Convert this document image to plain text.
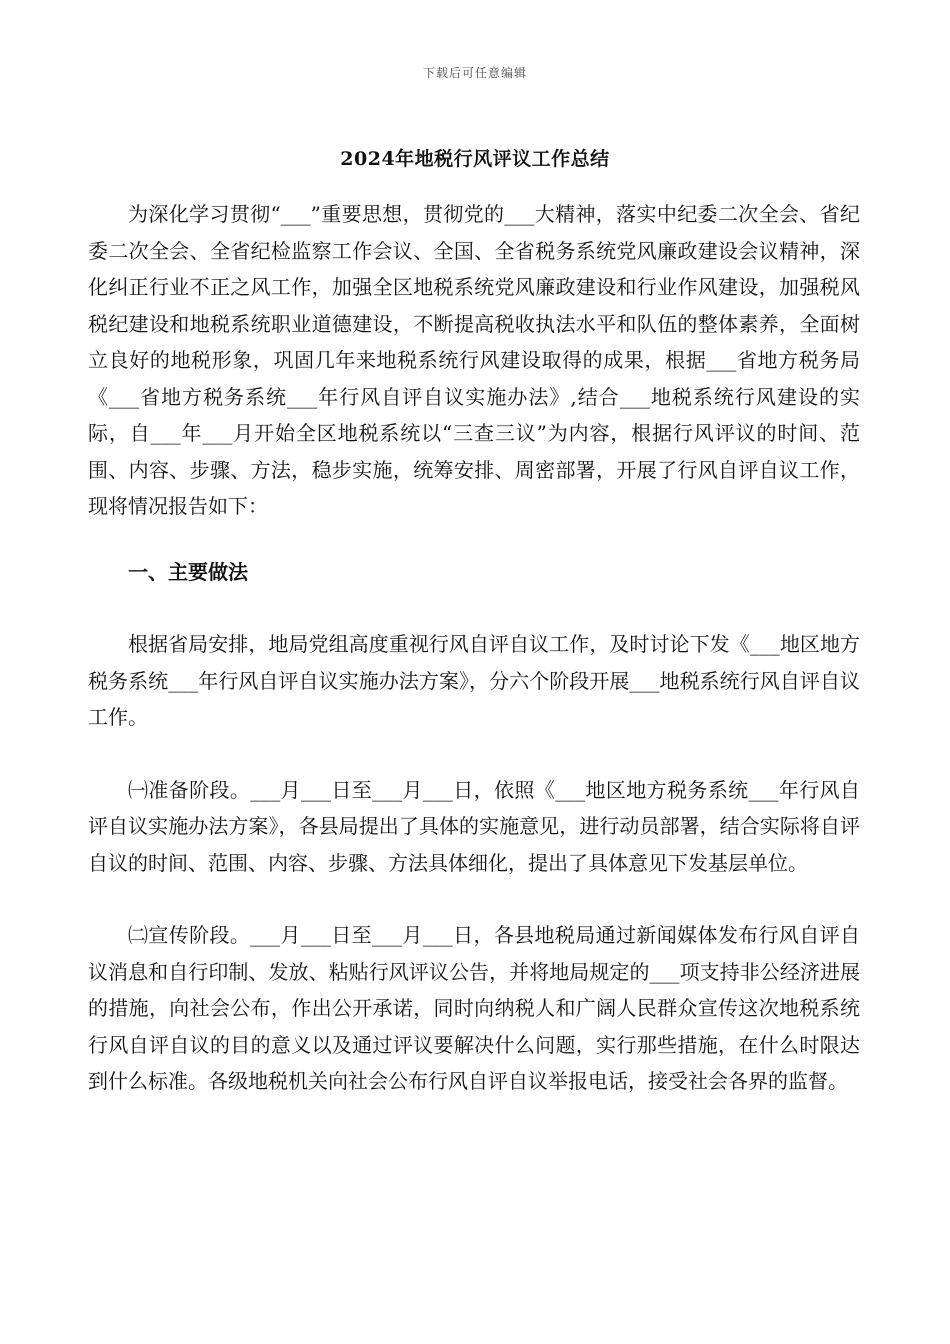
下载后可任意编辑
2024年地税行风评议工作总结

为深化学习贯彻“___”重要思想，贯彻党的___大精神，落实中纪委二次全会、省纪委二次全会、全省纪检监察工作会议、全国、全省税务系统党风廉政建设会议精神，深化纠正行业不正之风工作，加强全区地税系统党风廉政建设和行业作风建设，加强税风税纪建设和地税系统职业道德建设，不断提高税收执法水平和队伍的整体素养，全面树立良好的地税形象，巩固几年来地税系统行风建设取得的成果，根据___省地方税务局《___省地方税务系统___年行风自评自议实施办法》,结合___地税系统行风建设的实际，自___年___月开始全区地税系统以“三查三议”为内容，根据行风评议的时间、范围、内容、步骤、方法，稳步实施，统筹安排、周密部署，开展了行风自评自议工作，现将情况报告如下：

一、主要做法

根据省局安排，地局党组高度重视行风自评自议工作，及时讨论下发《___地区地方税务系统___年行风自评自议实施办法方案》，分六个阶段开展___地税系统行风自评自议工作。

㈠准备阶段。___月___日至___月___日，依照《___地区地方税务系统___年行风自评自议实施办法方案》，各县局提出了具体的实施意见，进行动员部署，结合实际将自评自议的时间、范围、内容、步骤、方法具体细化，提出了具体意见下发基层单位。

㈡宣传阶段。___月___日至___月___日，各县地税局通过新闻媒体发布行风自评自议消息和自行印制、发放、粘贴行风评议公告，并将地局规定的___项支持非公经济进展的措施，向社会公布，作出公开承诺，同时向纳税人和广阔人民群众宣传这次地税系统行风自评自议的目的意义以及通过评议要解决什么问题，实行那些措施，在什么时限达到什么标准。各级地税机关向社会公布行风自评自议举报电话，接受社会各界的监督。
